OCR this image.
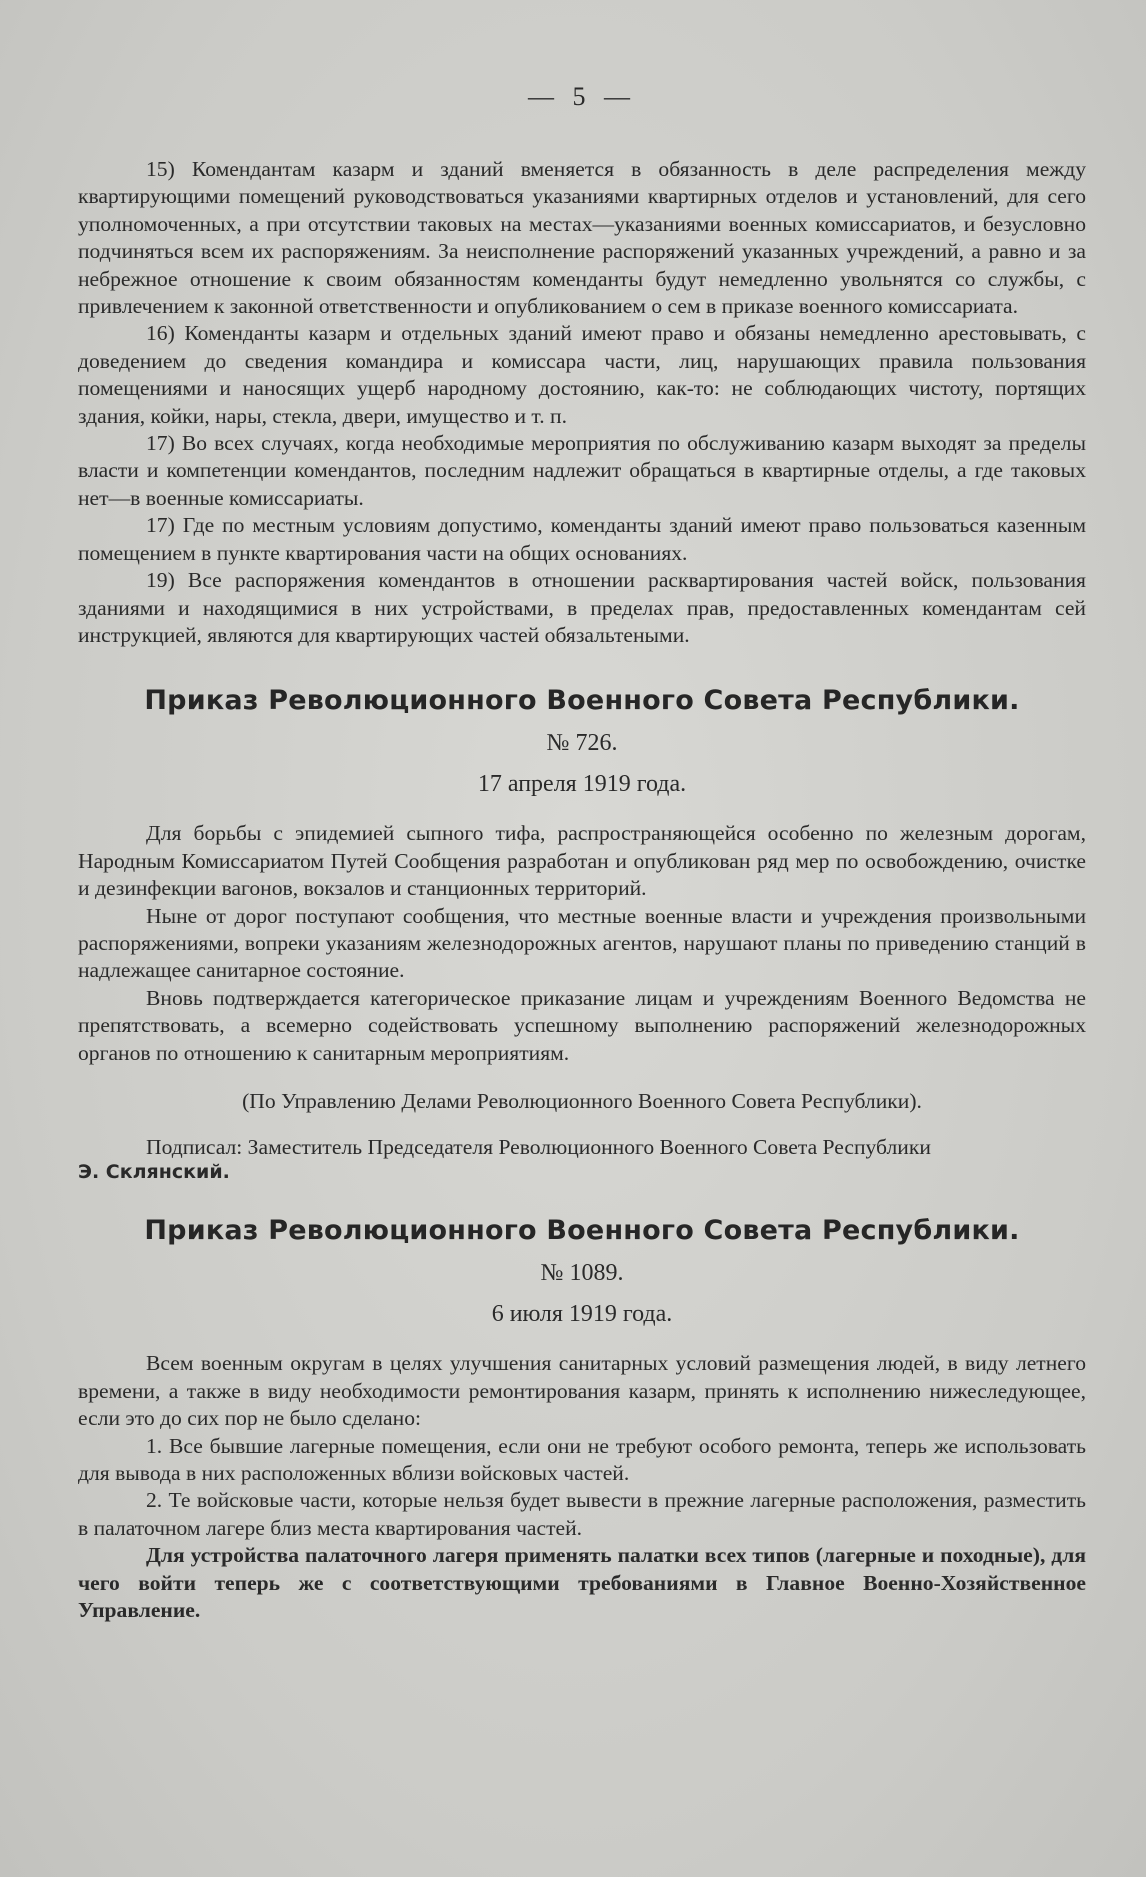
— 5 —

15) Комендантам казарм и зданий вменяется в обязанность в деле распределения между квартирующими помещений руководствоваться указаниями квартирных отделов и установлений, для сего уполномоченных, а при отсутствии таковых на местах—указаниями военных комиссариатов, и безусловно подчиняться всем их распоряжениям. За неисполнение распоряжений указанных учреждений, а равно и за небрежное отношение к своим обязанностям коменданты будут немедленно увольнятся со службы, с привлечением к законной ответственности и опубликованием о сем в приказе военного комиссариата.

16) Коменданты казарм и отдельных зданий имеют право и обязаны немедленно арестовывать, с доведением до сведения командира и комиссара части, лиц, нарушающих правила пользования помещениями и наносящих ущерб народному достоянию, как-то: не соблюдающих чистоту, портящих здания, койки, нары, стекла, двери, имущество и т. п.

17) Во всех случаях, когда необходимые мероприятия по обслуживанию казарм выходят за пределы власти и компетенции комендантов, последним надлежит обращаться в квартирные отделы, а где таковых нет—в военные комиссариаты.

17) Где по местным условиям допустимо, коменданты зданий имеют право пользоваться казенным помещением в пункте квартирования части на общих основаниях.

19) Все распоряжения комендантов в отношении расквартирования частей войск, пользования зданиями и находящимися в них устройствами, в пределах прав, предоставленных комендантам сей инструкцией, являются для квартирующих частей обязальтеными.

Приказ Революционного Военного Совета Республики.
№ 726.
17 апреля 1919 года.

Для борьбы с эпидемией сыпного тифа, распространяющейся особенно по железным дорогам, Народным Комиссариатом Путей Сообщения разработан и опубликован ряд мер по освобождению, очистке и дезинфекции вагонов, вокзалов и станционных территорий.

Ныне от дорог поступают сообщения, что местные военные власти и учреждения произвольными распоряжениями, вопреки указаниям железнодорожных агентов, нарушают планы по приведению станций в надлежащее санитарное состояние.

Вновь подтверждается категорическое приказание лицам и учреждениям Военного Ведомства не препятствовать, а всемерно содействовать успешному выполнению распоряжений железнодорожных органов по отношению к санитарным мероприятиям.

(По Управлению Делами Революционного Военного Совета Республики).

Подписал: Заместитель Председателя Революционного Военного Совета Республики

Э. Склянский.

Приказ Революционного Военного Совета Республики.
№ 1089.
6 июля 1919 года.

Всем военным округам в целях улучшения санитарных условий размещения людей, в виду летнего времени, а также в виду необходимости ремонтирования казарм, принять к исполнению нижеследующее, если это до сих пор не было сделано:

1. Все бывшие лагерные помещения, если они не требуют особого ремонта, теперь же использовать для вывода в них расположенных вблизи войсковых частей.

2. Те войсковые части, которые нельзя будет вывести в прежние лагерные расположения, разместить в палаточном лагере близ места квартирования частей.

Для устройства палаточного лагеря применять палатки всех типов (лагерные и походные), для чего войти теперь же с соответствующими требованиями в Главное Военно-Хозяйственное Управление.
